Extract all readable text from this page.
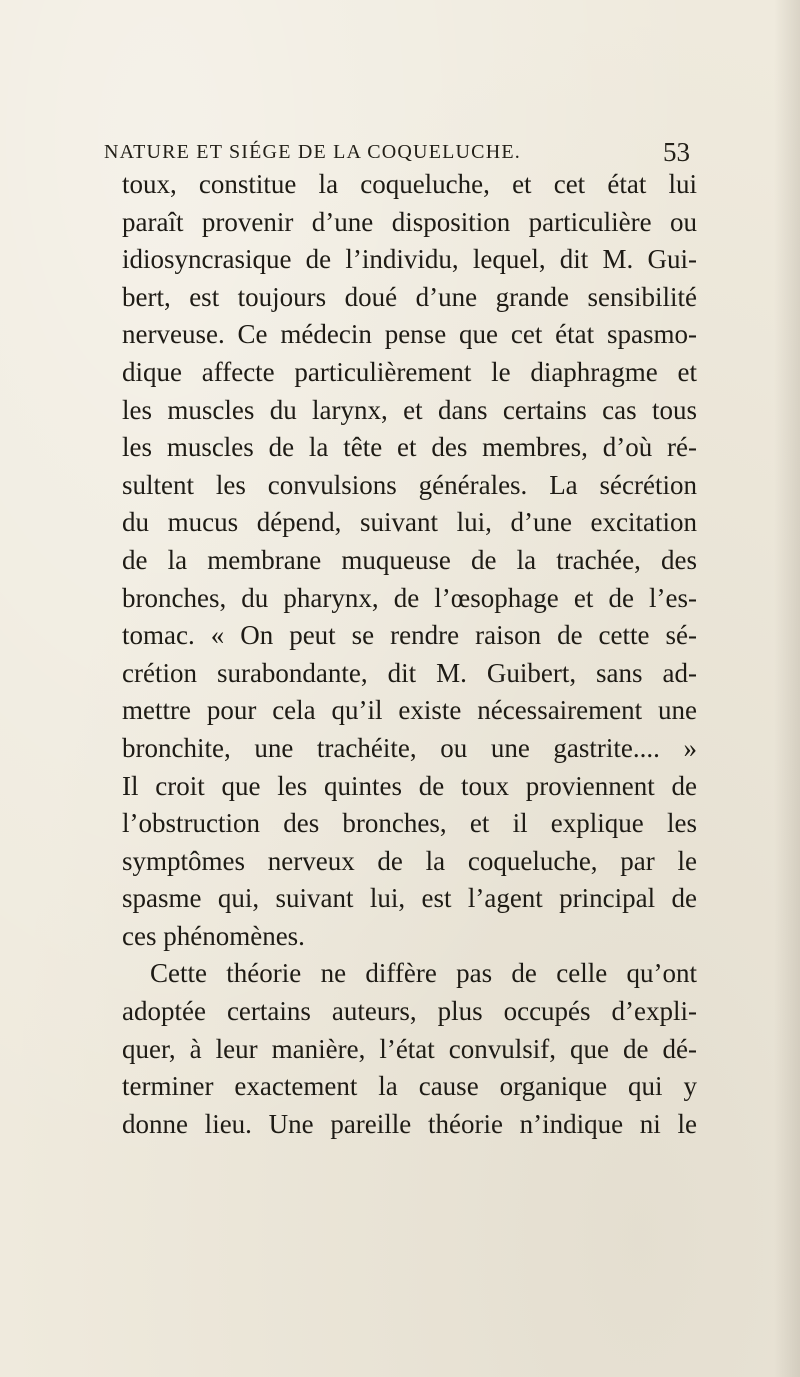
NATURE ET SIÉGE DE LA COQUELUCHE.	53
toux, constitue la coqueluche, et cet état lui
paraît provenir d’une disposition particulière ou
idiosyncrasique de l’individu, lequel, dit M. Gui-
bert, est toujours doué d’une grande sensibilité
nerveuse. Ce médecin pense que cet état spasmo-
dique affecte particulièrement le diaphragme et
les muscles du larynx, et dans certains cas tous
les muscles de la tête et des membres, d’où ré-
sultent les convulsions générales. La sécrétion
du mucus dépend, suivant lui, d’une excitation
de la membrane muqueuse de la trachée, des
bronches, du pharynx, de l’œsophage et de l’es-
tomac. « On peut se rendre raison de cette sé-
crétion surabondante, dit M. Guibert, sans ad-
mettre pour cela qu’il existe nécessairement une
bronchite, une trachéite, ou une gastrite.... »
Il croit que les quintes de toux proviennent de
l’obstruction des bronches, et il explique les
symptômes nerveux de la coqueluche, par le
spasme qui, suivant lui, est l’agent principal de
ces phénomènes.
Cette théorie ne diffère pas de celle qu’ont
adoptée certains auteurs, plus occupés d’expli-
quer, à leur manière, l’état convulsif, que de dé-
terminer exactement la cause organique qui y
donne lieu. Une pareille théorie n’indique ni le
